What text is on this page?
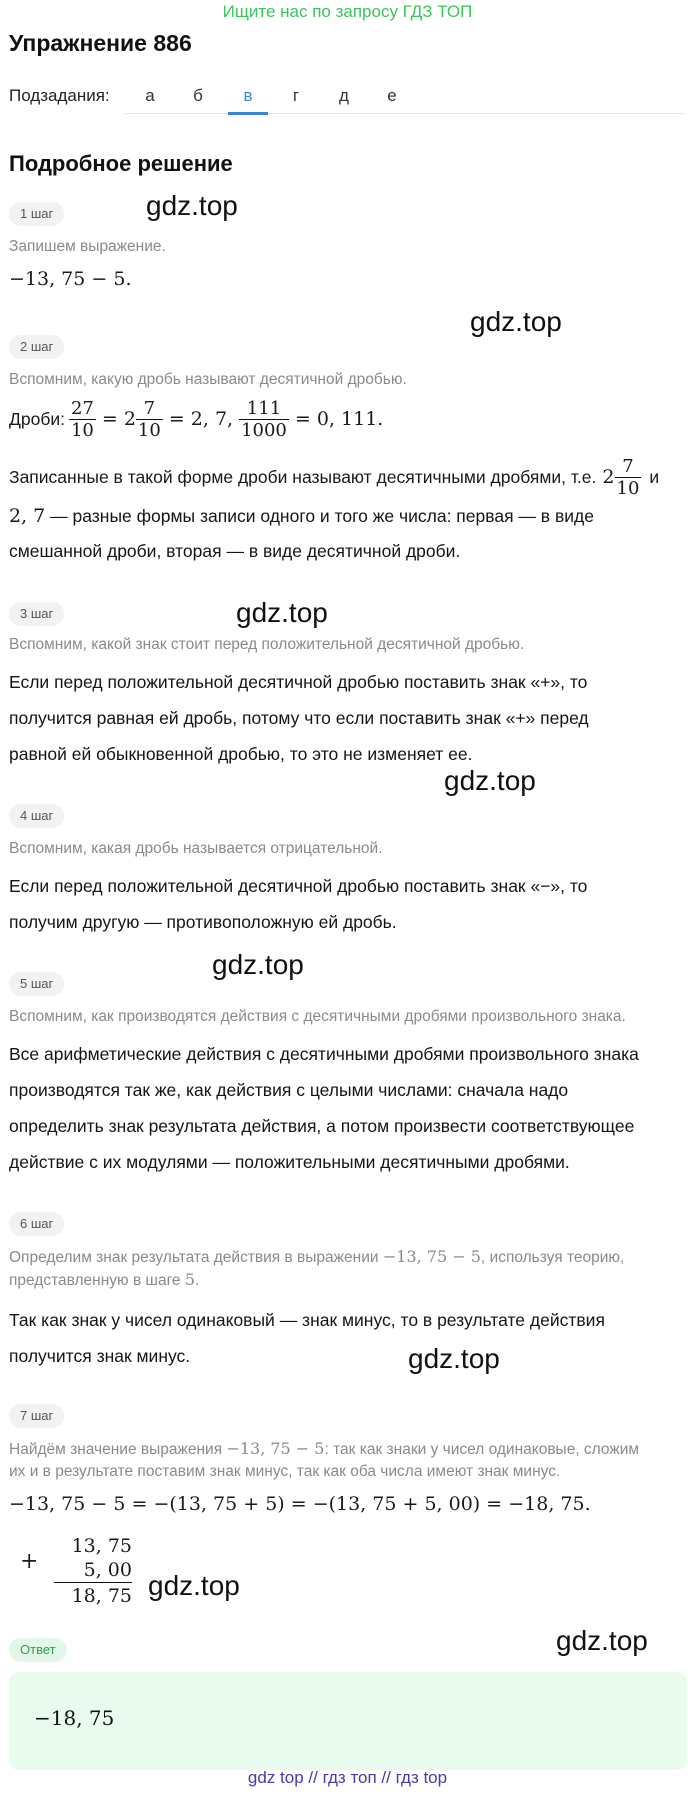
Ищите нас по запросу ГДЗ ТОП
Упражнение 886
Подзадания:	а	б	в	г	д	е
Подробное решение
1 шаг	gdz.top
Запишем выражение.
−13, 75 − 5.
gdz.top
2 шаг
Вспомним, какую дробь называют десятичной дробью.
Дроби: $\frac{27}{10} = 2 \frac{7}{10} = 2$, 7, $\frac{111}{1000} = 0$, 111.
Записанные в такой форме дроби называют десятичными дробями, т.е. $2 \frac{7}{10}$ и
2, 7 — разные формы записи одного и того же числа: первая — в виде
смешанной дроби, вторая — в виде десятичной дроби.
3 шаг	gdz.top
Вспомним, какой знак стоит перед положительной десятичной дробью.
Если перед положительной десятичной дробью поставить знак «+», то
получится равная ей дробь, потому что если поставить знак «+» перед
равной ей обыкновенной дробью, то это не изменяет ее.
gdz.top
4 шаг
Вспомним, какая дробь называется отрицательной.
Если перед положительной десятичной дробью поставить знак «−», то
получим другую — противоположную ей дробь.
gdz.top
5 шаг
Вспомним, как производятся действия с десятичными дробями произвольного знака.
Все арифметические действия с десятичными дробями произвольного знака
производятся так же, как действия с целыми числами: сначала надо
определить знак результата действия, а потом произвести соответствующее
действие с их модулями — положительными десятичными дробями.
6 шаг
Определим знак результата действия в выражении −13, 75 − 5, используя теорию,
представленную в шаге 5.
Так как знак у чисел одинаковый — знак минус, то в результате действия
получится знак минус.	gdz.top
7 шаг
Найдём значение выражения −13, 75 − 5: так как знаки у чисел одинаковые, сложим
их и в результате поставим знак минус, так как оба числа имеют знак минус.
−13, 75 − 5 = −(13, 75 + 5) = −(13, 75 + 5, 00) = −18, 75.
+
13, 75
5, 00
18, 75 gdz.top
Ответ	gdz.top
−18, 75
gdz top // гдз топ // гдз top
